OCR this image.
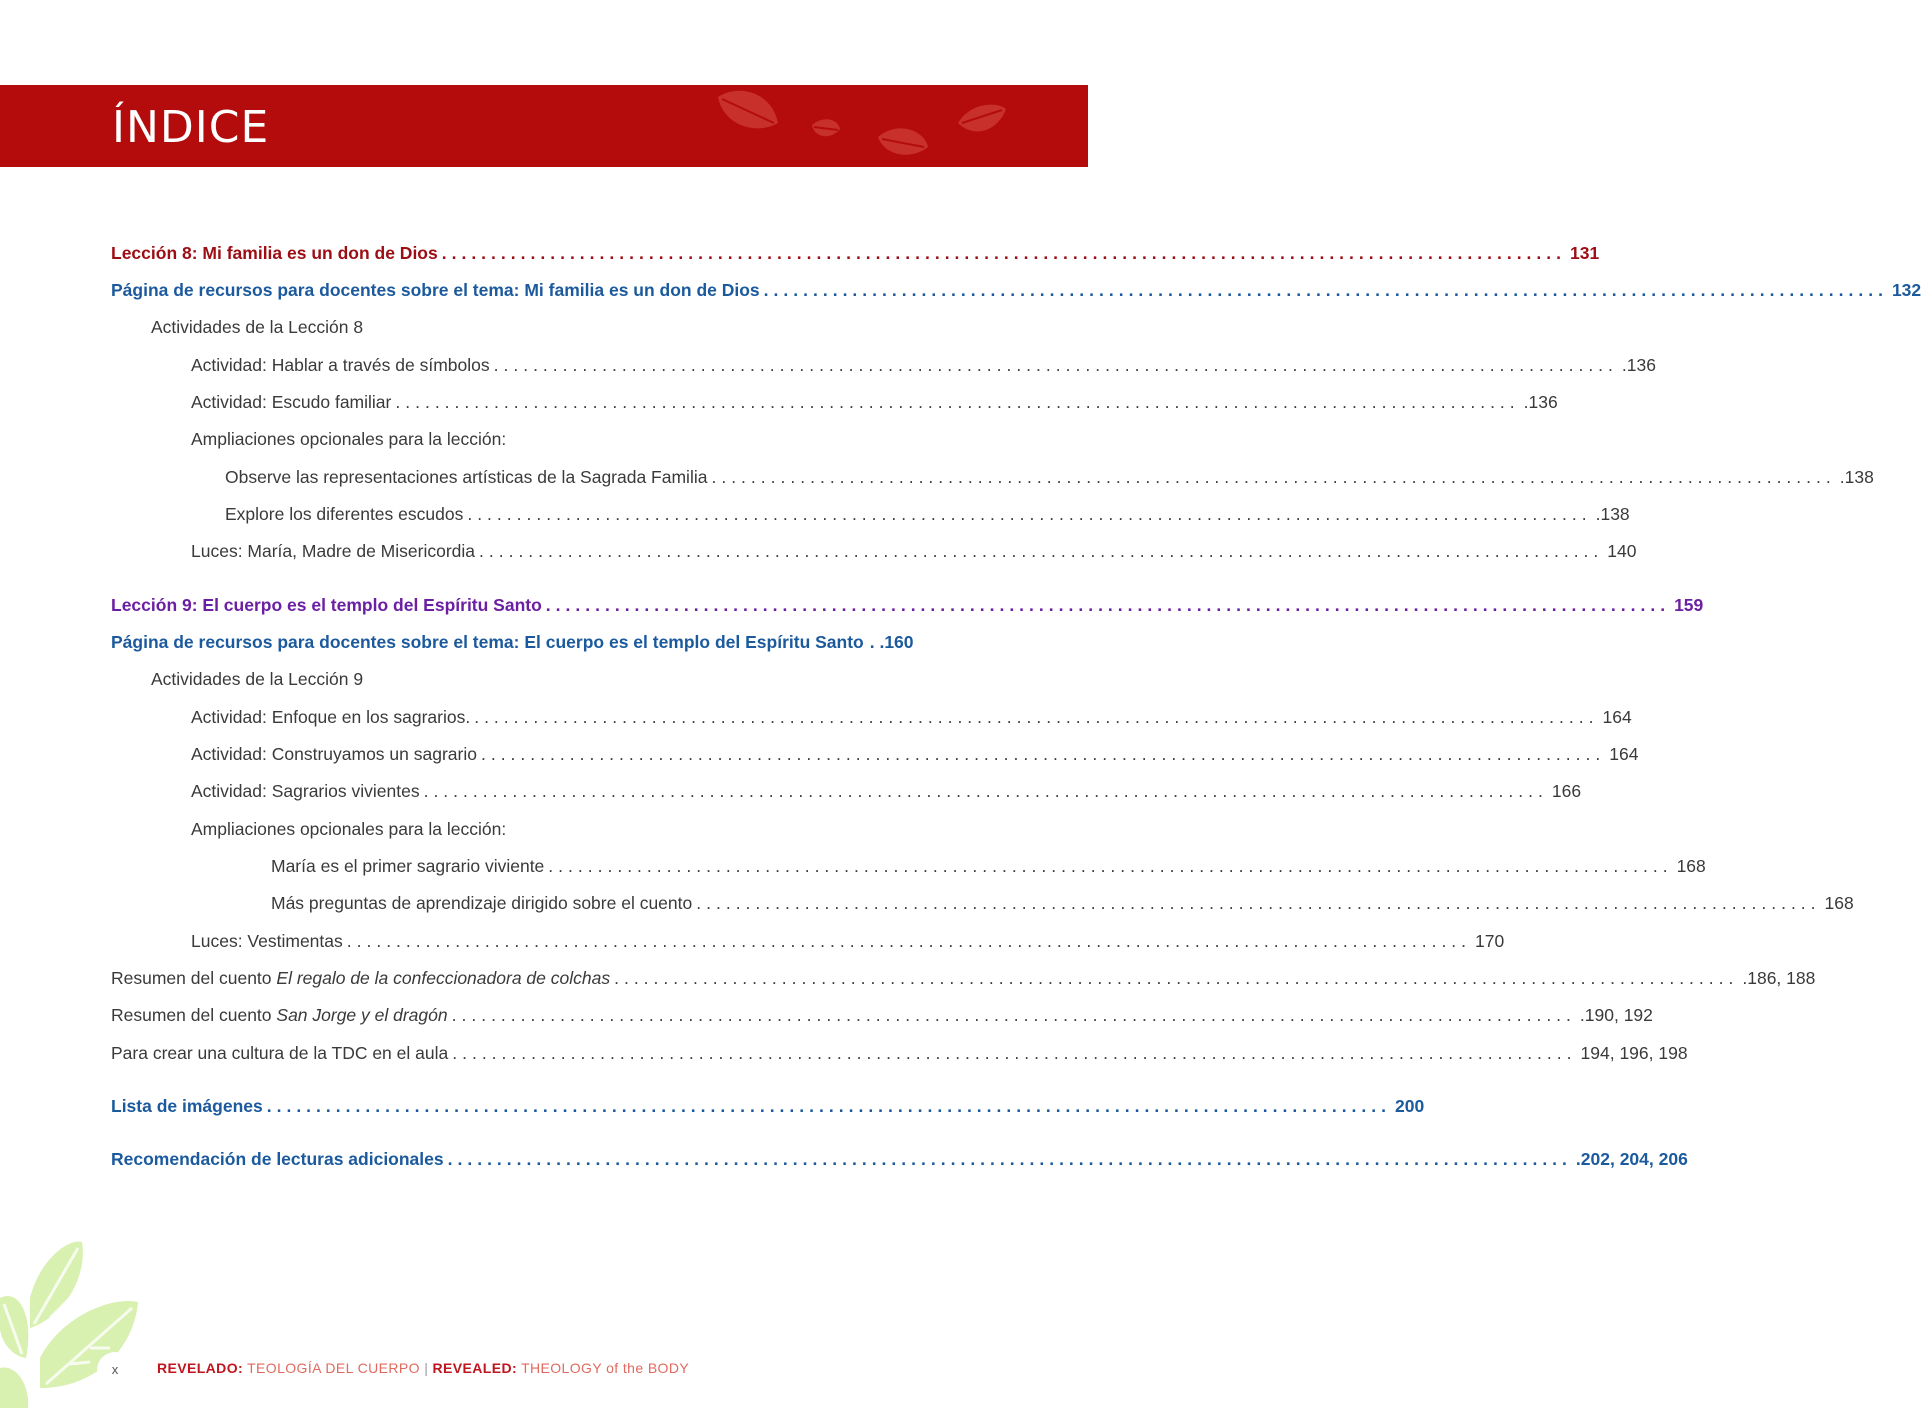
ÍNDICE
Lección 8: Mi familia es un don de Dios .................................................................................................................. 131
Página de recursos para docentes sobre el tema: Mi familia es un don de Dios .................................................................................................................. 132
Actividades de la Lección 8
Actividad: Hablar a través de símbolos .................................................................................................................. .136
Actividad: Escudo familiar .................................................................................................................. .136
Ampliaciones opcionales para la lección:
Observe las representaciones artísticas de la Sagrada Familia .................................................................................................................. .138
Explore los diferentes escudos .................................................................................................................. .138
Luces: María, Madre de Misericordia .................................................................................................................. 140
Lección 9: El cuerpo es el templo del Espíritu Santo .................................................................................................................. 159
Página de recursos para docentes sobre el tema: El cuerpo es el templo del Espíritu Santo . .160
Actividades de la Lección 9
Actividad: Enfoque en los sagrarios. .................................................................................................................. 164
Actividad: Construyamos un sagrario .................................................................................................................. 164
Actividad: Sagrarios vivientes .................................................................................................................. 166
Ampliaciones opcionales para la lección:
María es el primer sagrario viviente .................................................................................................................. 168
Más preguntas de aprendizaje dirigido sobre el cuento .................................................................................................................. 168
Luces: Vestimentas .................................................................................................................. 170
Resumen del cuento El regalo de la confeccionadora de colchas .................................................................................................................. .186, 188
Resumen del cuento San Jorge y el dragón .................................................................................................................. .190, 192
Para crear una cultura de la TDC en el aula .................................................................................................................. 194, 196, 198
Lista de imágenes .................................................................................................................. 200
Recomendación de lecturas adicionales .................................................................................................................. .202, 204, 206
x	REVELADO: TEOLOGÍA DEL CUERPO | REVEALED: THEOLOGY of the BODY
